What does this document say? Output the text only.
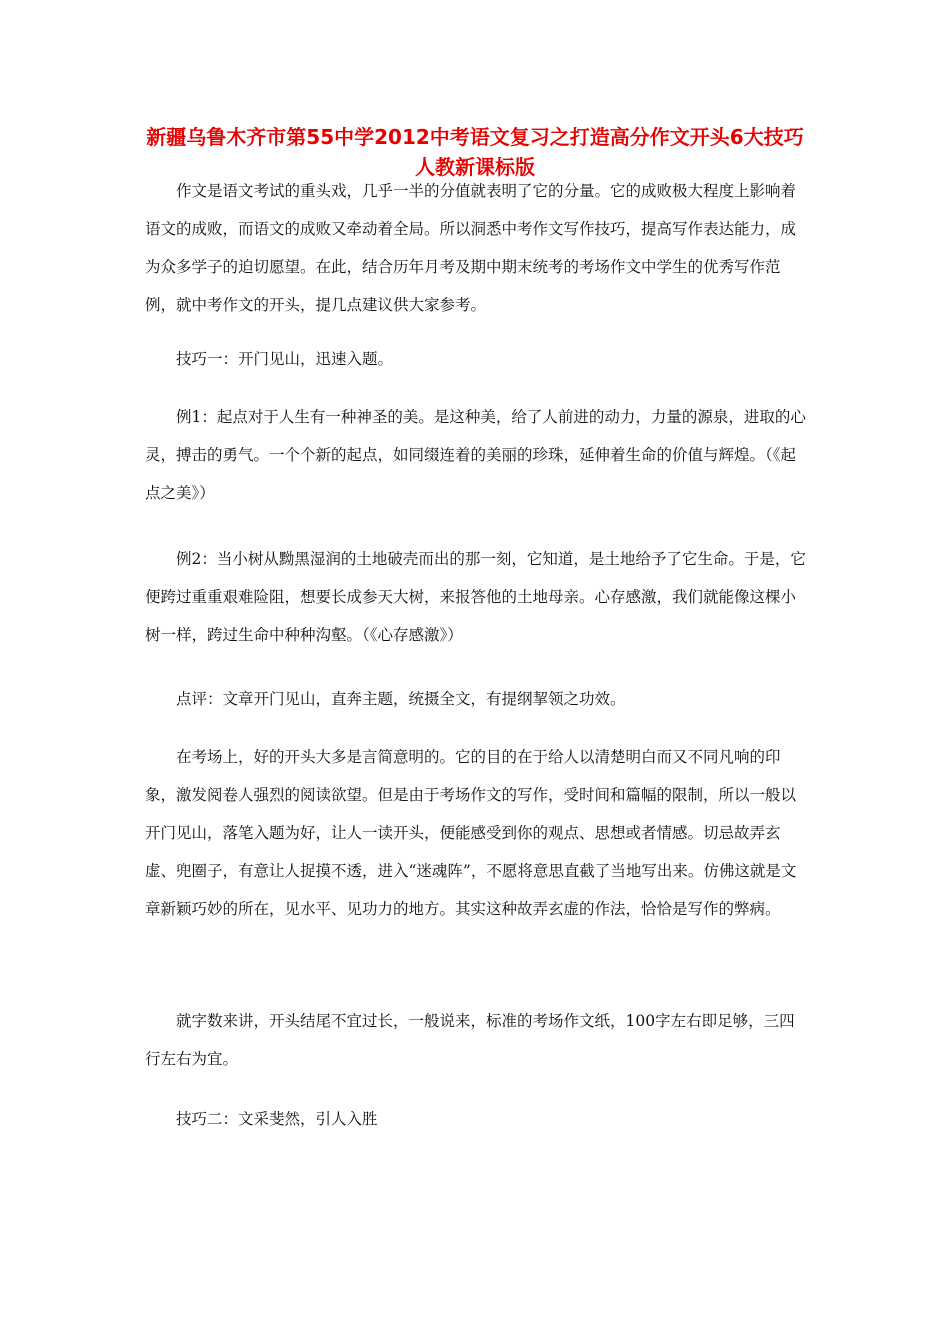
新疆乌鲁木齐市第55中学2012中考语文复习之打造高分作文开头6大技巧 人教新课标版

作文是语文考试的重头戏，几乎一半的分值就表明了它的分量。它的成败极大程度上影响着语文的成败，而语文的成败又牵动着全局。所以洞悉中考作文写作技巧，提高写作表达能力，成为众多学子的迫切愿望。在此，结合历年月考及期中期末统考的考场作文中学生的优秀写作范例，就中考作文的开头，提几点建议供大家参考。

技巧一：开门见山，迅速入题。

例1：起点对于人生有一种神圣的美。是这种美，给了人前进的动力，力量的源泉，进取的心灵，搏击的勇气。一个个新的起点，如同缀连着的美丽的珍珠，延伸着生命的价值与辉煌。（《起点之美》）

例2：当小树从黝黑湿润的土地破壳而出的那一刻，它知道，是土地给予了它生命。于是，它便跨过重重艰难险阻，想要长成参天大树，来报答他的土地母亲。心存感激，我们就能像这棵小树一样，跨过生命中种种沟壑。（《心存感激》）

点评：文章开门见山，直奔主题，统摄全文，有提纲挈领之功效。

在考场上，好的开头大多是言简意明的。它的目的在于给人以清楚明白而又不同凡响的印象，激发阅卷人强烈的阅读欲望。但是由于考场作文的写作，受时间和篇幅的限制，所以一般以开门见山，落笔入题为好，让人一读开头，便能感受到你的观点、思想或者情感。切忌故弄玄虚、兜圈子，有意让人捉摸不透，进入“迷魂阵”，不愿将意思直截了当地写出来。仿佛这就是文章新颖巧妙的所在，见水平、见功力的地方。其实这种故弄玄虚的作法，恰恰是写作的弊病。

就字数来讲，开头结尾不宜过长，一般说来，标准的考场作文纸，100字左右即足够，三四行左右为宜。

技巧二：文采斐然，引人入胜
